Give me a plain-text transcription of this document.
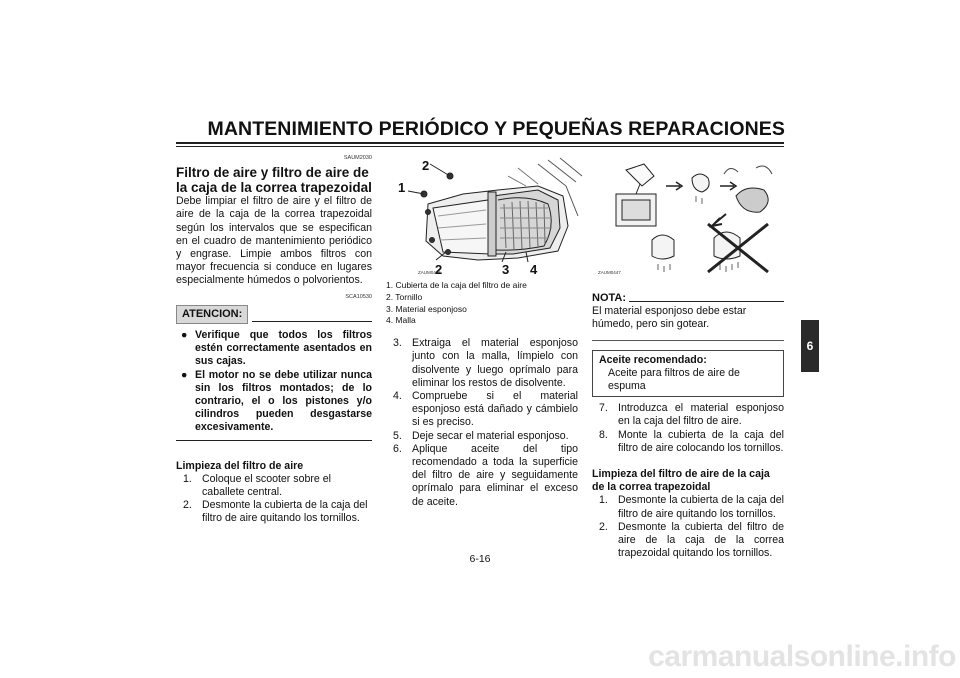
MANTENIMIENTO PERIÓDICO Y PEQUEÑAS REPARACIONES
6
SAUM2030
Filtro de aire y filtro de aire de la caja de la correa trapezoidal
Debe limpiar el filtro de aire y el filtro de aire de la caja de la correa trapezoidal según los intervalos que se especifican en el cuadro de mantenimiento periódico y engrase. Limpie ambos filtros con mayor frecuencia si conduce en lugares especialmente húmedos o polvorientos.
SCA10530
ATENCION:
● Verifique que todos los filtros estén correctamente asentados en sus cajas.
● El motor no se debe utilizar nunca sin los filtros montados; de lo contrario, el o los pistones y/o cilindros pueden desgastarse excesivamente.
Limpieza del filtro de aire
1. Coloque el scooter sobre el caballete central.
2. Desmonte la cubierta de la caja del filtro de aire quitando los tornillos.
ZAUM0446
1
2
2	3 4
1. Cubierta de la caja del filtro de aire
2. Tornillo
3. Material esponjoso
4. Malla
3. Extraiga el material esponjoso junto con la malla, límpielo con disolvente y luego oprímalo para eliminar los restos de disolvente.
4. Compruebe si el material esponjoso está dañado y cámbielo si es preciso.
5. Deje secar el material esponjoso.
6. Aplique aceite del tipo recomendado a toda la superficie del filtro de aire y seguidamente oprímalo para eliminar el exceso de aceite.
ZAUM0447
NOTA:
El material esponjoso debe estar húmedo, pero sin gotear.
Aceite recomendado:
Aceite para filtros de aire de espuma
7. Introduzca el material esponjoso en la caja del filtro de aire.
8. Monte la cubierta de la caja del filtro de aire colocando los tornillos.
Limpieza del filtro de aire de la caja de la correa trapezoidal
1. Desmonte la cubierta de la caja del filtro de aire quitando los tornillos.
2. Desmonte la cubierta del filtro de aire de la caja de la correa trapezoidal quitando los tornillos.
6-16
carmanualsonline.info
